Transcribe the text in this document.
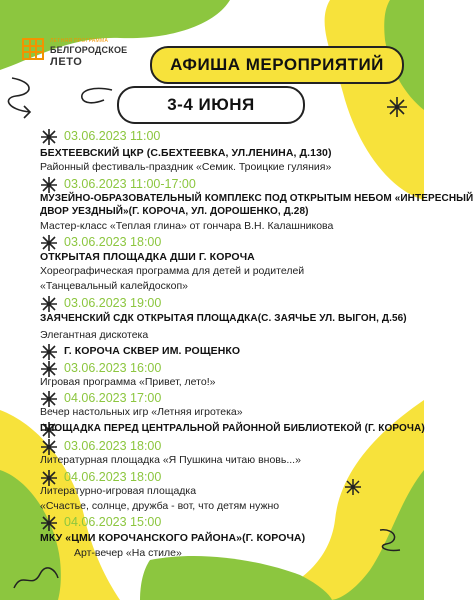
ЛЕТНЯЯ ПРОГРАММА
БЕЛГОРОДСКОЕ
ЛЕТО	АФИША МЕРОПРИЯТИЙ
3-4 ИЮНЯ
03.06.2023 11:00
БЕХТЕЕВСКИЙ ЦКР (С.БЕХТЕЕВКА, УЛ.ЛЕНИНА, Д.130)
Районный фестиваль-праздник «Семик. Троицкие гуляния»
03.06.2023 11:00-17:00
МУЗЕЙНО-ОБРАЗОВАТЕЛЬНЫЙ КОМПЛЕКС ПОД ОТКРЫТЫМ НЕБОМ «ИНТЕРЕСНЫЙ
ДВОР УЕЗДНЫЙ»(Г. КОРОЧА, УЛ. ДОРОШЕНКО, Д.28)
Мастер-класс «Теплая глина» от гончара В.Н. Калашникова
03.06.2023 18:00
ОТКРЫТАЯ ПЛОЩАДКА ДШИ Г. КОРОЧА
Хореографическая программа для детей и родителей
«Танцевальный калейдоскоп»
03.06.2023 19:00
ЗАЯЧЕНСКИЙ СДК ОТКРЫТАЯ ПЛОЩАДКА(С. ЗАЯЧЬЕ УЛ. ВЫГОН, Д.56)
Элегантная дискотека
Г. КОРОЧА СКВЕР ИМ. РОЩЕНКО
03.06.2023 16:00
Игровая программа «Привет, лето!»
04.06.2023 17:00
Вечер настольных игр «Летняя игротека»
ПЛОЩАДКА ПЕРЕД ЦЕНТРАЛЬНОЙ РАЙОННОЙ БИБЛИОТЕКОЙ (Г. КОРОЧА)
03.06.2023 18:00
Литературная площадка «Я Пушкина читаю вновь...»
04.06.2023 18:00
Литературно-игровая площадка
«Счастье, солнце, дружба - вот, что детям нужно
04.06.2023 15:00
МКУ «ЦМИ КОРОЧАНСКОГО РАЙОНА»(Г. КОРОЧА)
Арт-вечер «На стиле»
